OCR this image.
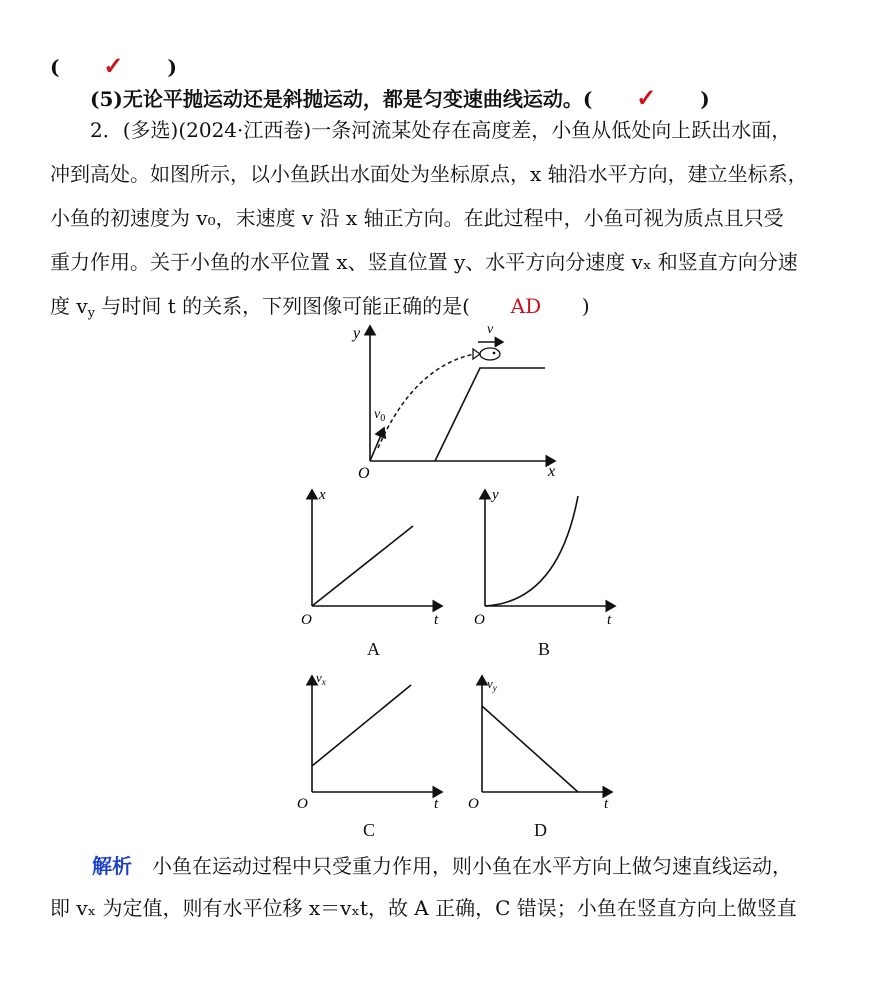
( ✓ )
(5)无论平抛运动还是斜抛运动，都是匀变速曲线运动。( ✓ )
2．(多选)(2024·江西卷)一条河流某处存在高度差，小鱼从低处向上跃出水面，
冲到高处。如图所示，以小鱼跃出水面处为坐标原点，x 轴沿水平方向，建立坐标系，
小鱼的初速度为 v₀，末速度 v 沿 x 轴正方向。在此过程中，小鱼可视为质点且只受
重力作用。关于小鱼的水平位置 x、竖直位置 y、水平方向分速度 vₓ 和竖直方向分速
度 $v_y$ 与时间 t 的关系，下列图像可能正确的是( AD )
y
x
O
$v_0$
v
x
t
O
A
y
t
O
B
$v_x$
t
O
C
$v_y$
t
O
D
解析　小鱼在运动过程中只受重力作用，则小鱼在水平方向上做匀速直线运动，
即 vₓ 为定值，则有水平位移 x＝vₓt，故 A 正确，C 错误；小鱼在竖直方向上做竖直
